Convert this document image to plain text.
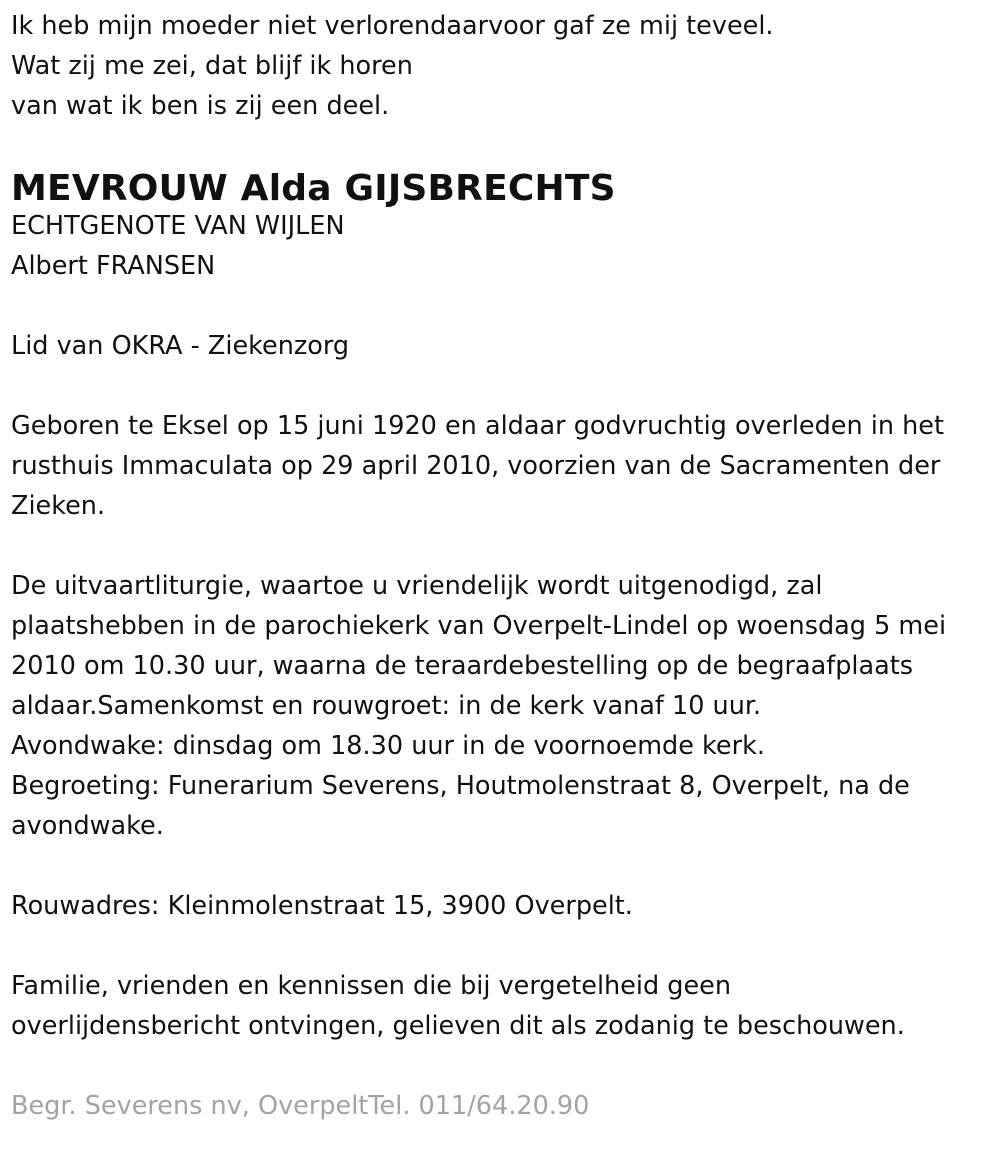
Ik heb mijn moeder niet verlorendaarvoor gaf ze mij teveel.
Wat zij me zei, dat blijf ik horen
van wat ik ben is zij een deel.

MEVROUW Alda GIJSBRECHTS

ECHTGENOTE VAN WIJLEN
Albert FRANSEN

Lid van OKRA - Ziekenzorg

Geboren te Eksel op 15 juni 1920 en aldaar godvruchtig overleden in het
rusthuis Immaculata op 29 april 2010, voorzien van de Sacramenten der
Zieken.

De uitvaartliturgie, waartoe u vriendelijk wordt uitgenodigd, zal
plaatshebben in de parochiekerk van Overpelt-Lindel op woensdag 5 mei
2010 om 10.30 uur, waarna de teraardebestelling op de begraafplaats
aldaar.Samenkomst en rouwgroet: in de kerk vanaf 10 uur.
Avondwake: dinsdag om 18.30 uur in de voornoemde kerk.
Begroeting: Funerarium Severens, Houtmolenstraat 8, Overpelt, na de
avondwake.

Rouwadres: Kleinmolenstraat 15, 3900 Overpelt.

Familie, vrienden en kennissen die bij vergetelheid geen
overlijdensbericht ontvingen, gelieven dit als zodanig te beschouwen.

Begr. Severens nv, OverpeltTel. 011/64.20.90
